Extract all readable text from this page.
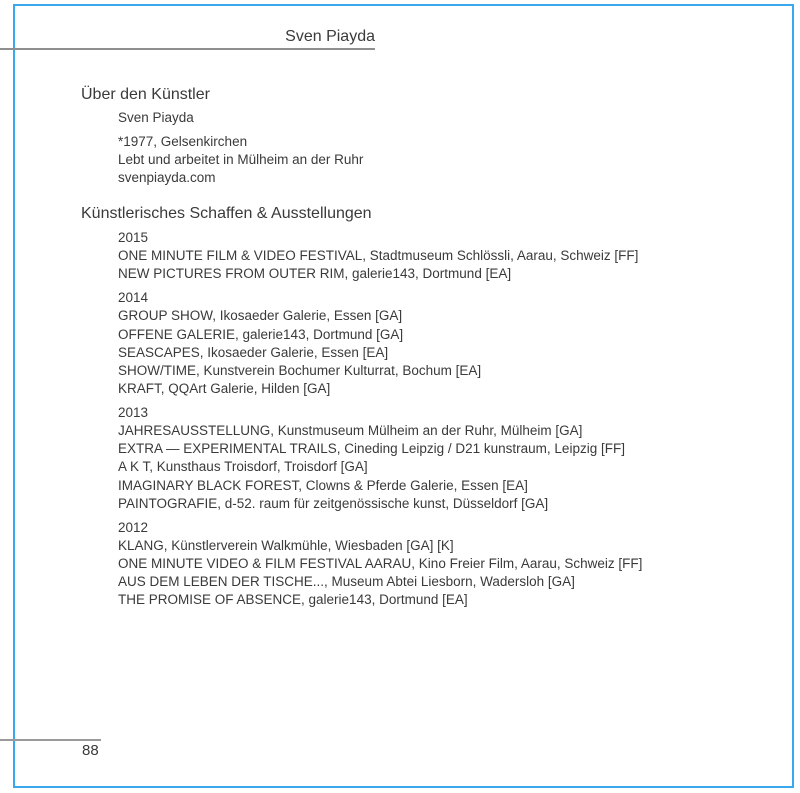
Sven Piayda
Über den Künstler
Sven Piayda
*1977, Gelsenkirchen
Lebt und arbeitet in Mülheim an der Ruhr
svenpiayda.com
Künstlerisches Schaffen & Ausstellungen
2015
ONE MINUTE FILM & VIDEO FESTIVAL, Stadtmuseum Schlössli, Aarau, Schweiz [FF]
NEW PICTURES FROM OUTER RIM, galerie143, Dortmund [EA]
2014
GROUP SHOW, Ikosaeder Galerie, Essen [GA]
OFFENE GALERIE, galerie143, Dortmund [GA]
SEASCAPES, Ikosaeder Galerie, Essen [EA]
SHOW/TIME, Kunstverein Bochumer Kulturrat, Bochum [EA]
KRAFT, QQArt Galerie, Hilden [GA]
2013
JAHRESAUSSTELLUNG, Kunstmuseum Mülheim an der Ruhr, Mülheim [GA]
EXTRA — EXPERIMENTAL TRAILS, Cineding Leipzig / D21 kunstraum, Leipzig [FF]
A K T, Kunsthaus Troisdorf, Troisdorf [GA]
IMAGINARY BLACK FOREST, Clowns & Pferde Galerie, Essen [EA]
PAINTOGRAFIE, d-52. raum für zeitgenössische kunst, Düsseldorf [GA]
2012
KLANG, Künstlerverein Walkmühle, Wiesbaden [GA] [K]
ONE MINUTE VIDEO & FILM FESTIVAL AARAU, Kino Freier Film, Aarau, Schweiz [FF]
AUS DEM LEBEN DER TISCHE..., Museum Abtei Liesborn, Wadersloh [GA]
THE PROMISE OF ABSENCE, galerie143, Dortmund [EA]
88
